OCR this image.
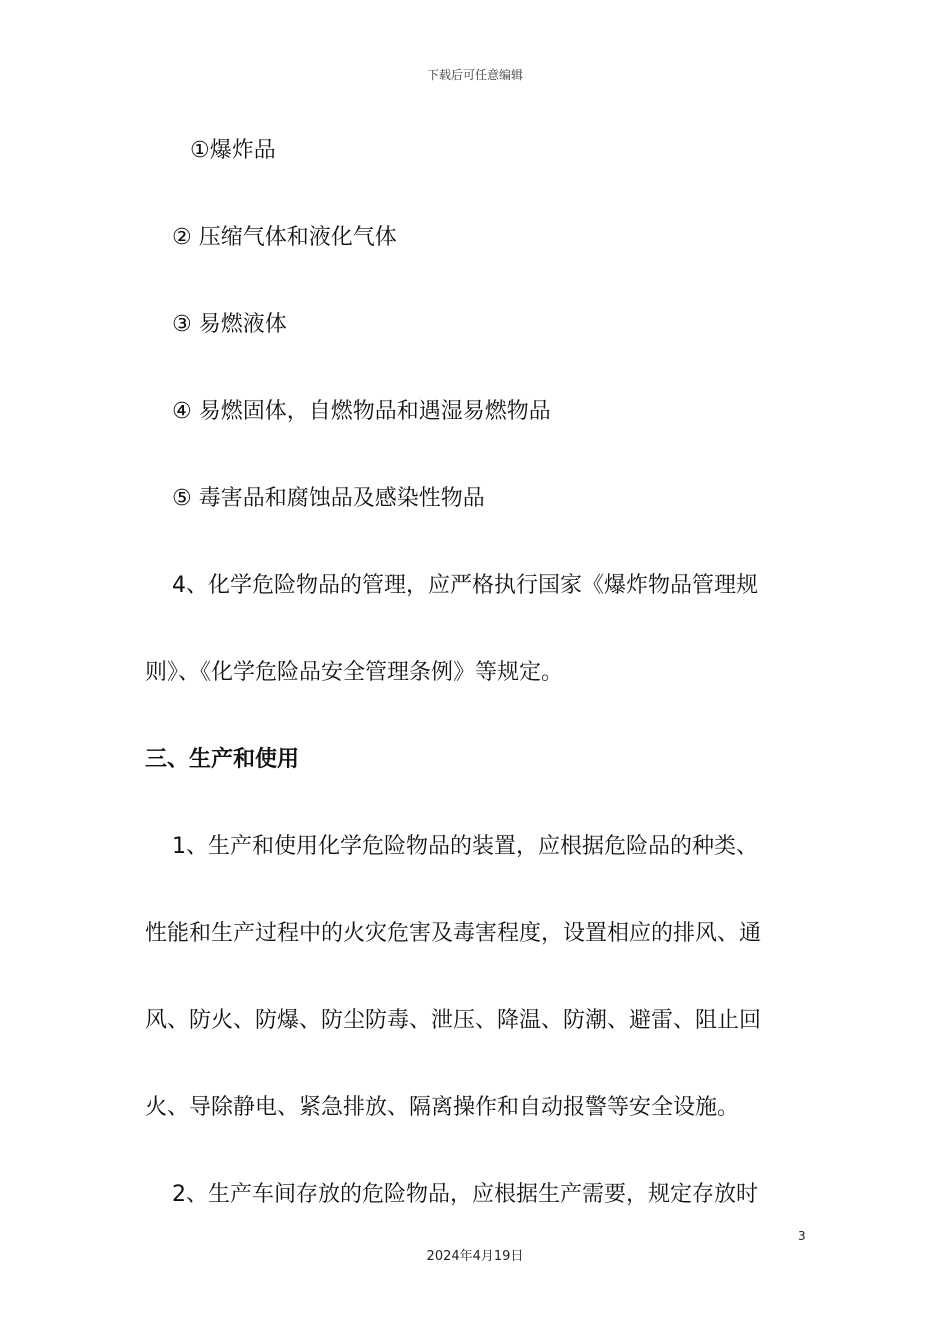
下载后可任意编辑
①爆炸品
② 压缩气体和液化气体
③ 易燃液体
④ 易燃固体，自燃物品和遇湿易燃物品
⑤ 毒害品和腐蚀品及感染性物品
4、化学危险物品的管理，应严格执行国家《爆炸物品管理规
则》、《化学危险品安全管理条例》等规定。
三、生产和使用
1、生产和使用化学危险物品的装置，应根据危险品的种类、
性能和生产过程中的火灾危害及毒害程度，设置相应的排风、通
风、防火、防爆、防尘防毒、泄压、降温、防潮、避雷、阻止回
火、导除静电、紧急排放、隔离操作和自动报警等安全设施。
2、生产车间存放的危险物品，应根据生产需要，规定存放时
3
2024年4月19日
